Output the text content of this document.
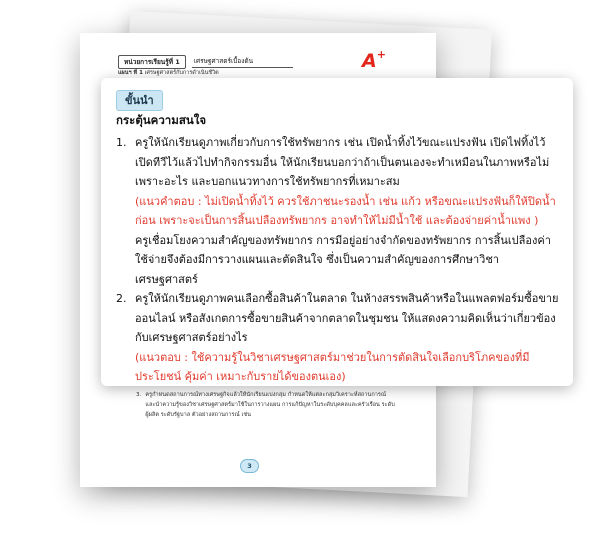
หน่วยการเรียนรู้ที่ 1	เศรษฐศาสตร์เบื้องต้น
แผนฯ ที่ 1 เศรษฐศาสตร์กับการดำเนินชีวิต
A+
3. ครูกำหนดสถานการณ์ทางเศรษฐกิจแล้วให้นักเรียนแบ่งกลุ่ม กำหนดให้แต่ละกลุ่มวิเคราะห์สถานการณ์และนำความรู้ของวิชาเศรษฐศาสตร์มาใช้ในการวางแผน การแก้ปัญหาในระดับบุคคลและครัวเรือน ระดับผู้ผลิต ระดับรัฐบาล ตัวอย่างสถานการณ์ เช่น
3
ขั้นนำ
กระตุ้นความสนใจ
1. ครูให้นักเรียนดูภาพเกี่ยวกับการใช้ทรัพยากร เช่น เปิดน้ำทิ้งไว้ขณะแปรงฟัน เปิดไฟทิ้งไว้ เปิดทีวีไว้แล้วไปทำกิจกรรมอื่น ให้นักเรียนบอกว่าถ้าเป็นตนเองจะทำเหมือนในภาพหรือไม่ เพราะอะไร และบอกแนวทางการใช้ทรัพยากรที่เหมาะสม

(แนวคำตอบ : ไม่เปิดน้ำทิ้งไว้ ควรใช้ภาชนะรองน้ำ เช่น แก้ว หรือขณะแปรงฟันก็ให้ปิดน้ำก่อน เพราะจะเป็นการสิ้นเปลืองทรัพยากร อาจทำให้ไม่มีน้ำใช้ และต้องจ่ายค่าน้ำแพง )

ครูเชื่อมโยงความสำคัญของทรัพยากร การมีอยู่อย่างจำกัดของทรัพยากร การสิ้นเปลืองค่าใช้จ่ายจึงต้องมีการวางแผนและตัดสินใจ ซึ่งเป็นความสำคัญของการศึกษาวิชาเศรษฐศาสตร์

2. ครูให้นักเรียนดูภาพคนเลือกซื้อสินค้าในตลาด ในห้างสรรพสินค้าหรือในแพลตฟอร์มซื้อขายออนไลน์ หรือสังเกตการซื้อขายสินค้าจากตลาดในชุมชน ให้แสดงความคิดเห็นว่าเกี่ยวข้องกับเศรษฐศาสตร์อย่างไร

(แนวตอบ : ใช้ความรู้ในวิชาเศรษฐศาสตร์มาช่วยในการตัดสินใจเลือกบริโภคของที่มีประโยชน์ คุ้มค่า เหมาะกับรายได้ของตนเอง)
